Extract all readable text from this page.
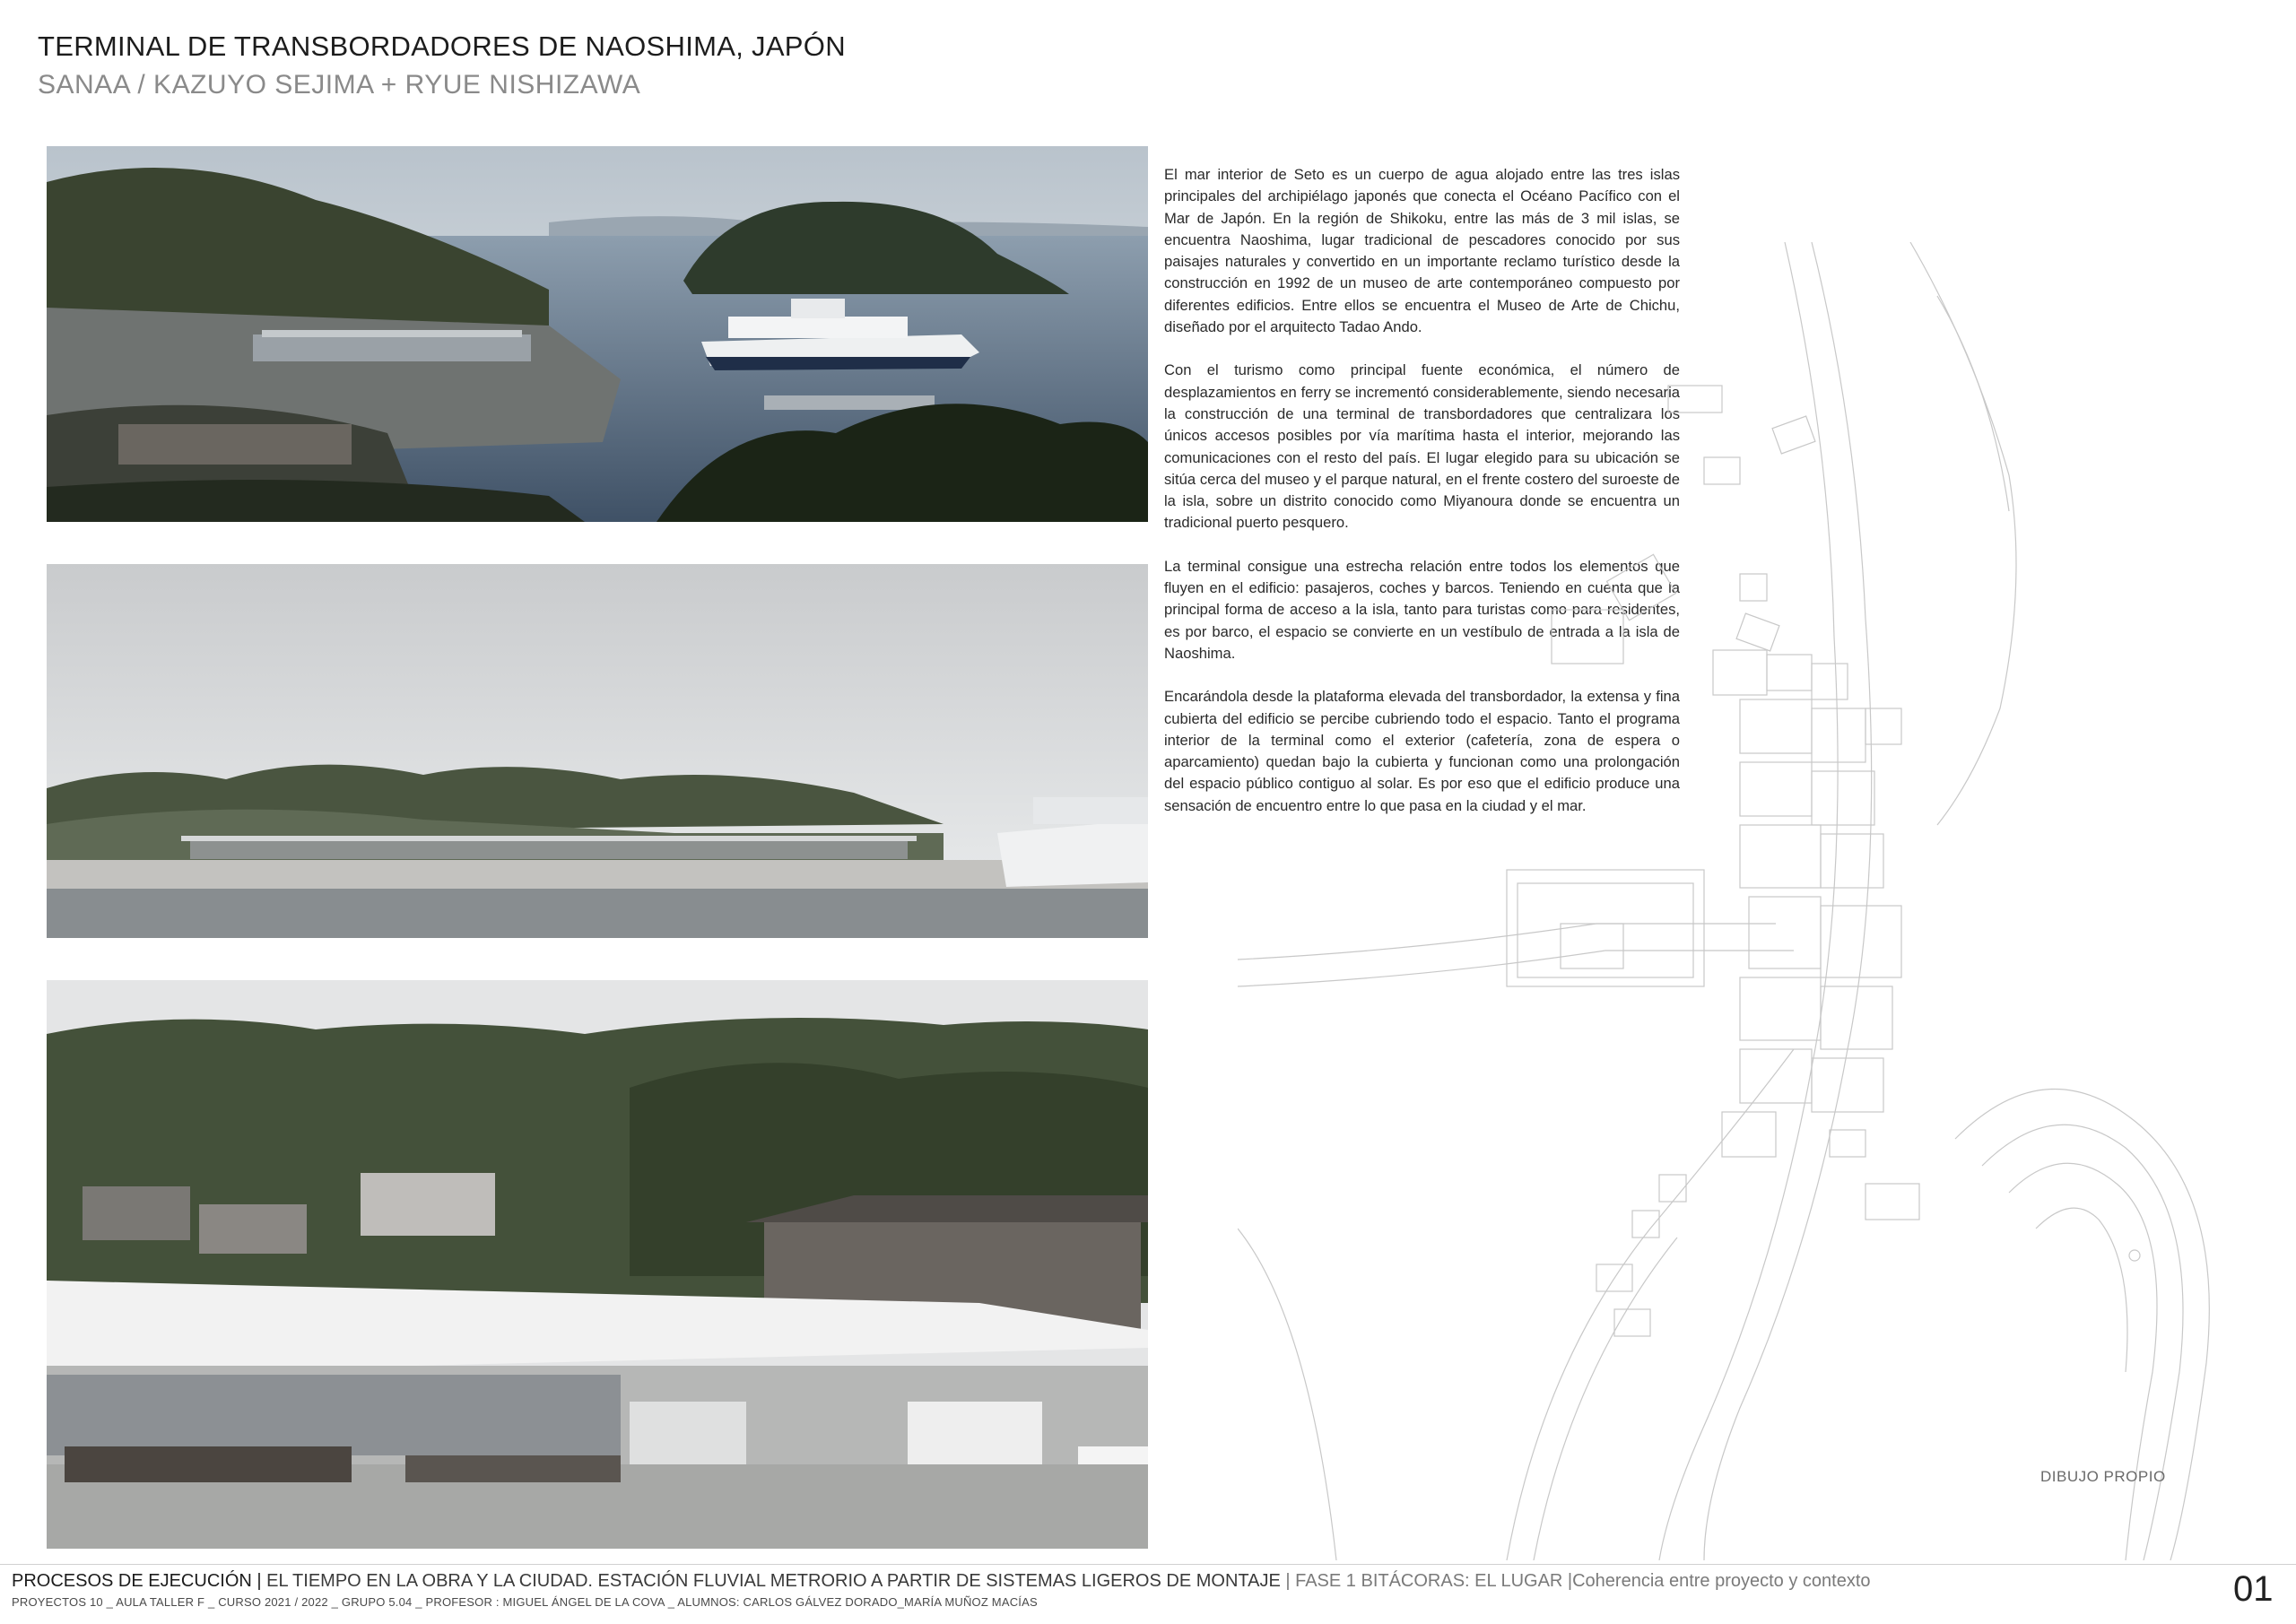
TERMINAL DE TRANSBORDADORES DE NAOSHIMA, JAPÓN
SANAA / KAZUYO SEJIMA + RYUE NISHIZAWA

El mar interior de Seto es un cuerpo de agua alojado entre las tres islas principales del archipiélago japonés que conecta el Océano Pacífico con el Mar de Japón. En la región de Shikoku, entre las más de 3 mil islas, se encuentra Naoshima, lugar tradicional de pescadores conocido por sus paisajes naturales y convertido en un importante reclamo turístico desde la construcción en 1992 de un museo de arte contemporáneo compuesto por diferentes edificios. Entre ellos se encuentra el Museo de Arte de Chichu, diseñado por el arquitecto Tadao Ando.

Con el turismo como principal fuente económica, el número de desplazamientos en ferry se incrementó considerablemente, siendo necesaria la construcción de una terminal de transbordadores que centralizara los únicos accesos posibles por vía marítima hasta el interior, mejorando las comunicaciones con el resto del país. El lugar elegido para su ubicación se sitúa cerca del museo y el parque natural, en el frente costero del suroeste de la isla, sobre un distrito conocido como Miyanoura donde se encuentra un tradicional puerto pesquero.

La terminal consigue una estrecha relación entre todos los elementos que fluyen en el edificio: pasajeros, coches y barcos. Teniendo en cuenta que la principal forma de acceso a la isla, tanto para turistas como para residentes, es por barco, el espacio se convierte en un vestíbulo de entrada a la isla de Naoshima.

Encarándola desde la plataforma elevada del transbordador, la extensa y fina cubierta del edificio se percibe cubriendo todo el espacio. Tanto el programa interior de la terminal como el exterior (cafetería, zona de espera o aparcamiento) quedan bajo la cubierta y funcionan como una prolongación del espacio público contiguo al solar. Es por eso que el edificio produce una sensación de encuentro entre lo que pasa en la ciudad y el mar.

DIBUJO PROPIO
PROCESOS DE EJECUCIÓN | EL TIEMPO EN LA OBRA Y LA CIUDAD. ESTACIÓN FLUVIAL METRORIO A PARTIR DE SISTEMAS LIGEROS DE MONTAJE | FASE 1 BITÁCORAS: EL LUGAR |Coherencia entre proyecto y contexto
PROYECTOS 10 _ AULA TALLER F _ CURSO 2021 / 2022 _ GRUPO 5.04 _ PROFESOR : MIGUEL ÁNGEL DE LA COVA _ ALUMNOS: CARLOS GÁLVEZ DORADO_MARÍA MUÑOZ MACÍAS	01
